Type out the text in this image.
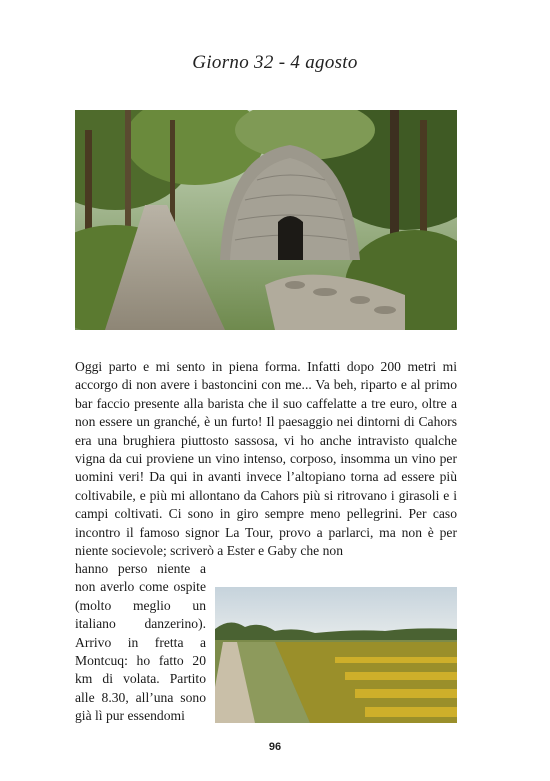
Giorno 32 - 4 agosto

Oggi parto e mi sento in piena forma. Infatti dopo 200 metri mi accorgo di non avere i bastoncini con me... Va beh, riparto e al primo bar faccio presente alla barista che il suo caffelatte a tre euro, oltre a non essere un granché, è un furto! Il paesaggio nei dintorni di Cahors era una brughiera piuttosto sassosa, vi ho anche intravisto qualche vigna da cui proviene un vino intenso, corposo, insomma un vino per uomini veri! Da qui in avanti invece l’altopiano torna ad essere più coltivabile, e più mi allontano da Cahors più si ritrovano i girasoli e i campi coltivati. Ci sono in giro sempre meno pellegrini. Per caso incontro il famoso signor La Tour, provo a parlarci, ma non è per niente socievole; scriverò a Ester e Gaby che non

hanno perso niente a non averlo come ospite (molto meglio un italiano danzerino). Arrivo in fretta a Montcuq: ho fatto 20 km di volata. Partito alle 8.30, all’una sono già lì pur essendomi

96
